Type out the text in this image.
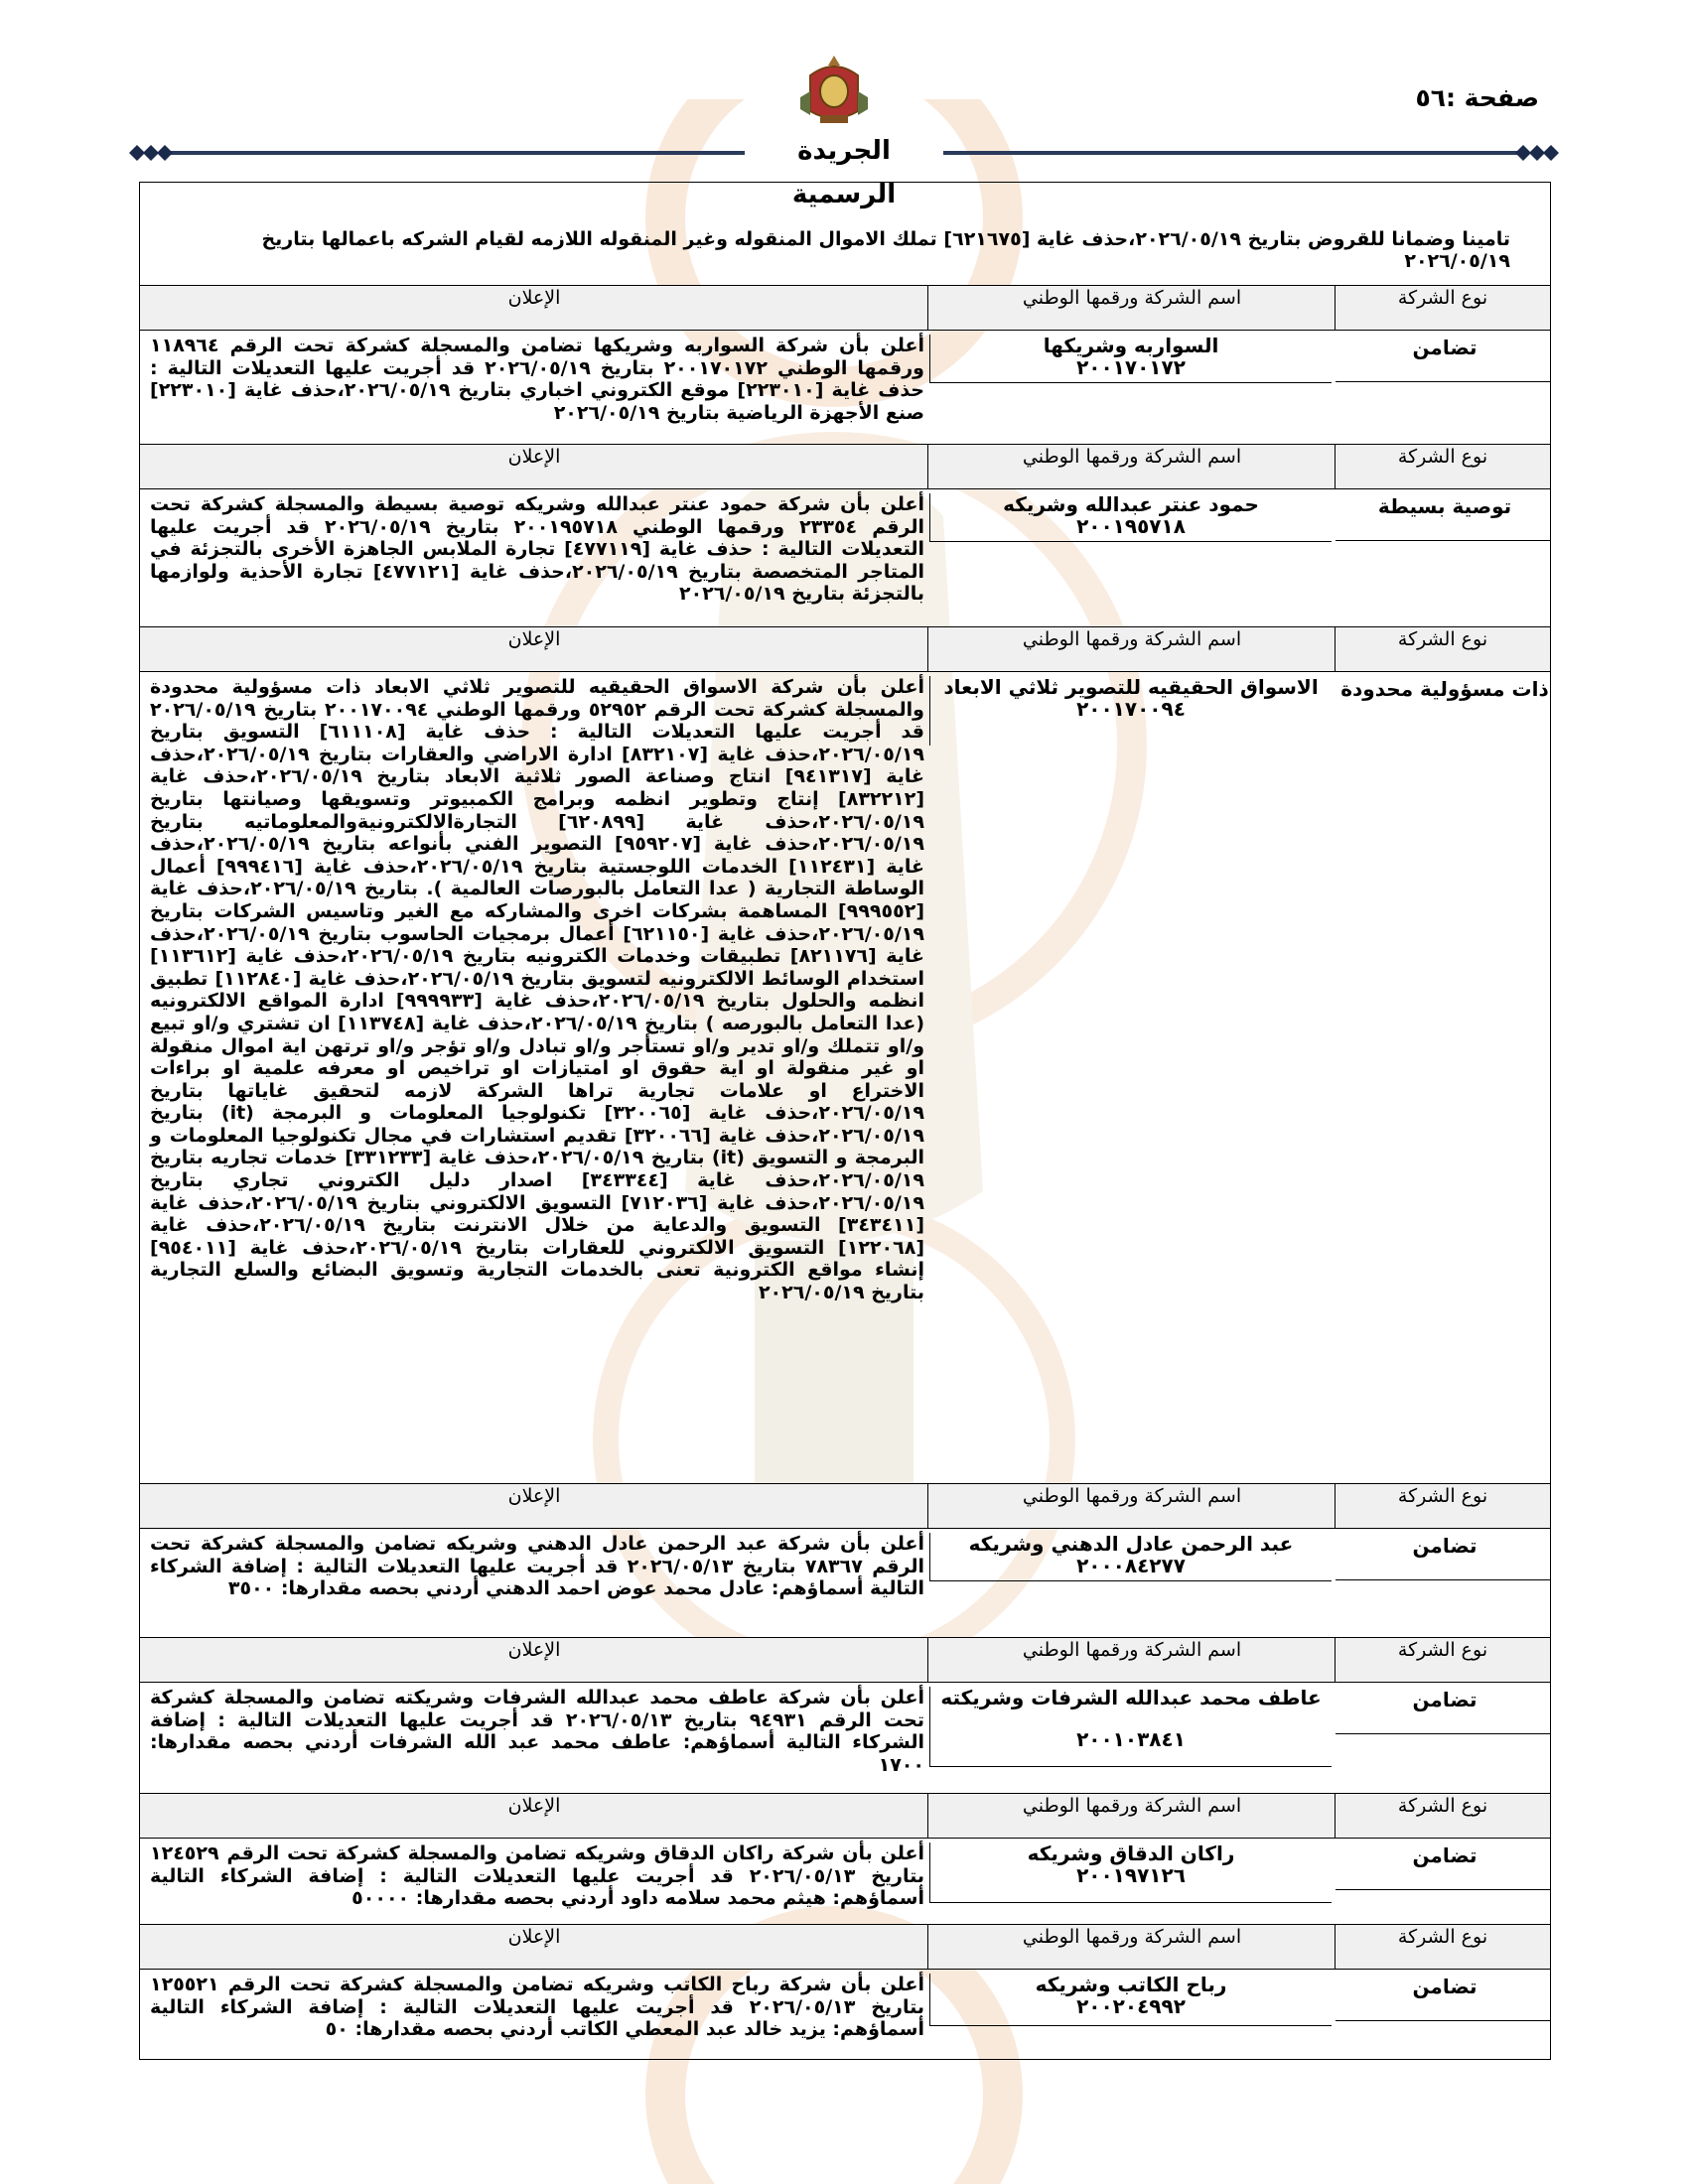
صفحة :٥٦
الجريدة الرسمية
تامينا وضمانا للقروض بتاريخ ٢٠٢٦/٠٥/١٩،حذف غاية [٦٢١٦٧٥] تملك الاموال المنقوله وغير المنقوله اللازمه لقيام الشركه باعمالها بتاريخ ٢٠٢٦/٠٥/١٩
نوع الشركة
اسم الشركة ورقمها الوطني
الإعلان
تضامن
السواربه وشريكها
٢٠٠١٧٠١٧٢
أعلن بأن شركة السواربه وشريكها تضامن والمسجلة كشركة تحت الرقم ١١٨٩٦٤ ورقمها الوطني ٢٠٠١٧٠١٧٢ بتاريخ ٢٠٢٦/٠٥/١٩ قد أجريت عليها التعديلات التالية : حذف غاية [٢٢٣٠١٠] موقع الكتروني اخباري بتاريخ ٢٠٢٦/٠٥/١٩،حذف غاية [٢٢٣٠١٠] صنع الأجهزة الرياضية بتاريخ ٢٠٢٦/٠٥/١٩
نوع الشركة
اسم الشركة ورقمها الوطني
الإعلان
توصية بسيطة
حمود عنتر عبدالله وشريكه
٢٠٠١٩٥٧١٨
أعلن بأن شركة حمود عنتر عبدالله وشريكه توصية بسيطة والمسجلة كشركة تحت الرقم ٢٣٣٥٤ ورقمها الوطني ٢٠٠١٩٥٧١٨ بتاريخ ٢٠٢٦/٠٥/١٩ قد أجريت عليها التعديلات التالية : حذف غاية [٤٧٧١١٩] تجارة الملابس الجاهزة الأخرى بالتجزئة في المتاجر المتخصصة بتاريخ ٢٠٢٦/٠٥/١٩،حذف غاية [٤٧٧١٢١] تجارة الأحذية ولوازمها بالتجزئة بتاريخ ٢٠٢٦/٠٥/١٩
نوع الشركة
اسم الشركة ورقمها الوطني
الإعلان
ذات مسؤولية محدودة
الاسواق الحقيقيه للتصوير ثلاثي الابعاد
٢٠٠١٧٠٠٩٤
أعلن بأن شركة الاسواق الحقيقيه للتصوير ثلاثي الابعاد ذات مسؤولية محدودة والمسجلة كشركة تحت الرقم ٥٢٩٥٢ ورقمها الوطني ٢٠٠١٧٠٠٩٤ بتاريخ ٢٠٢٦/٠٥/١٩ قد أجريت عليها التعديلات التالية : حذف غاية [٦١١١٠٨] التسويق بتاريخ ٢٠٢٦/٠٥/١٩،حذف غاية [٨٣٢١٠٧] ادارة الاراضي والعقارات بتاريخ ٢٠٢٦/٠٥/١٩،حذف غاية [٩٤١٣١٧] انتاج وصناعة الصور ثلاثية الابعاد بتاريخ ٢٠٢٦/٠٥/١٩،حذف غاية [٨٣٢٢١٢] إنتاج وتطوير انظمه وبرامج الكمبيوتر وتسويقها وصيانتها بتاريخ ٢٠٢٦/٠٥/١٩،حذف غاية [٦٢٠٨٩٩] التجارةالالكترونيةوالمعلوماتيه بتاريخ ٢٠٢٦/٠٥/١٩،حذف غاية [٩٥٩٢٠٧] التصوير الفني بأنواعه بتاريخ ٢٠٢٦/٠٥/١٩،حذف غاية [١١٢٤٣١] الخدمات اللوجستية بتاريخ ٢٠٢٦/٠٥/١٩،حذف غاية [٩٩٩٤١٦] أعمال الوساطة التجارية ( عدا التعامل بالبورصات العالمية ). بتاريخ ٢٠٢٦/٠٥/١٩،حذف غاية [٩٩٩٥٥٢] المساهمة بشركات اخرى والمشاركه مع الغير وتاسيس الشركات بتاريخ ٢٠٢٦/٠٥/١٩،حذف غاية [٦٢١١٥٠] أعمال برمجيات الحاسوب بتاريخ ٢٠٢٦/٠٥/١٩،حذف غاية [٨٢١١٧٦] تطبيقات وخدمات الكترونيه بتاريخ ٢٠٢٦/٠٥/١٩،حذف غاية [١١٣٦١٢] استخدام الوسائط الالكترونيه لتسويق بتاريخ ٢٠٢٦/٠٥/١٩،حذف غاية [١١٢٨٤٠] تطبيق انظمه والحلول بتاريخ ٢٠٢٦/٠٥/١٩،حذف غاية [٩٩٩٩٣٣] ادارة المواقع الالكترونيه (عدا التعامل بالبورصه ) بتاريخ ٢٠٢٦/٠٥/١٩،حذف غاية [١١٣٧٤٨] ان تشتري و/او تبيع و/او تتملك و/او تدير و/او تستأجر و/او تبادل و/او تؤجر و/او ترتهن اية اموال منقولة او غير منقولة او اية حقوق او امتيازات او تراخيص او معرفه علمية او براءات الاختراع او علامات تجارية تراها الشركة لازمه لتحقيق غاياتها بتاريخ ٢٠٢٦/٠٥/١٩،حذف غاية [٣٢٠٠٦٥] تكنولوجيا المعلومات و البرمجة (it) بتاريخ ٢٠٢٦/٠٥/١٩،حذف غاية [٣٢٠٠٦٦] تقديم استشارات في مجال تكنولوجيا المعلومات و البرمجة و التسويق (it) بتاريخ ٢٠٢٦/٠٥/١٩،حذف غاية [٣٣١٢٣٣] خدمات تجاريه بتاريخ ٢٠٢٦/٠٥/١٩،حذف غاية [٣٤٣٣٤٤] اصدار دليل الكتروني تجاري بتاريخ ٢٠٢٦/٠٥/١٩،حذف غاية [٧١٢٠٣٦] التسويق الالكتروني بتاريخ ٢٠٢٦/٠٥/١٩،حذف غاية [٣٤٣٤١١] التسويق والدعاية من خلال الانترنت بتاريخ ٢٠٢٦/٠٥/١٩،حذف غاية [١٢٢٠٦٨] التسويق الالكتروني للعقارات بتاريخ ٢٠٢٦/٠٥/١٩،حذف غاية [٩٥٤٠١١] إنشاء مواقع الكترونية تعنى بالخدمات التجارية وتسويق البضائع والسلع التجارية بتاريخ ٢٠٢٦/٠٥/١٩
نوع الشركة
اسم الشركة ورقمها الوطني
الإعلان
تضامن
عبد الرحمن عادل الدهني وشريكه
٢٠٠٠٨٤٢٧٧
أعلن بأن شركة عبد الرحمن عادل الدهني وشريكه تضامن والمسجلة كشركة تحت الرقم ٧٨٣٦٧ بتاريخ ٢٠٢٦/٠٥/١٣ قد أجريت عليها التعديلات التالية : إضافة الشركاء التالية أسماؤهم: عادل محمد عوض احمد الدهني أردني بحصه مقدارها: ٣٥٠٠
نوع الشركة
اسم الشركة ورقمها الوطني
الإعلان
تضامن
عاطف محمد عبدالله الشرفات وشريكته
٢٠٠١٠٣٨٤١
أعلن بأن شركة عاطف محمد عبدالله الشرفات وشريكته تضامن والمسجلة كشركة تحت الرقم ٩٤٩٣١ بتاريخ ٢٠٢٦/٠٥/١٣ قد أجريت عليها التعديلات التالية : إضافة الشركاء التالية أسماؤهم: عاطف محمد عبد الله الشرفات أردني بحصه مقدارها: ١٧٠٠
نوع الشركة
اسم الشركة ورقمها الوطني
الإعلان
تضامن
راكان الدقاق وشريكه
٢٠٠١٩٧١٢٦
أعلن بأن شركة راكان الدقاق وشريكه تضامن والمسجلة كشركة تحت الرقم ١٢٤٥٢٩ بتاريخ ٢٠٢٦/٠٥/١٣ قد أجريت عليها التعديلات التالية : إضافة الشركاء التالية أسماؤهم: هيثم محمد سلامه داود أردني بحصه مقدارها: ٥٠٠٠٠
نوع الشركة
اسم الشركة ورقمها الوطني
الإعلان
تضامن
رباح الكاتب وشريكه
٢٠٠٢٠٤٩٩٢
أعلن بأن شركة رباح الكاتب وشريكه تضامن والمسجلة كشركة تحت الرقم ١٢٥٥٢١ بتاريخ ٢٠٢٦/٠٥/١٣ قد أجريت عليها التعديلات التالية : إضافة الشركاء التالية أسماؤهم: يزيد خالد عبد المعطي الكاتب أردني بحصه مقدارها: ٥٠
